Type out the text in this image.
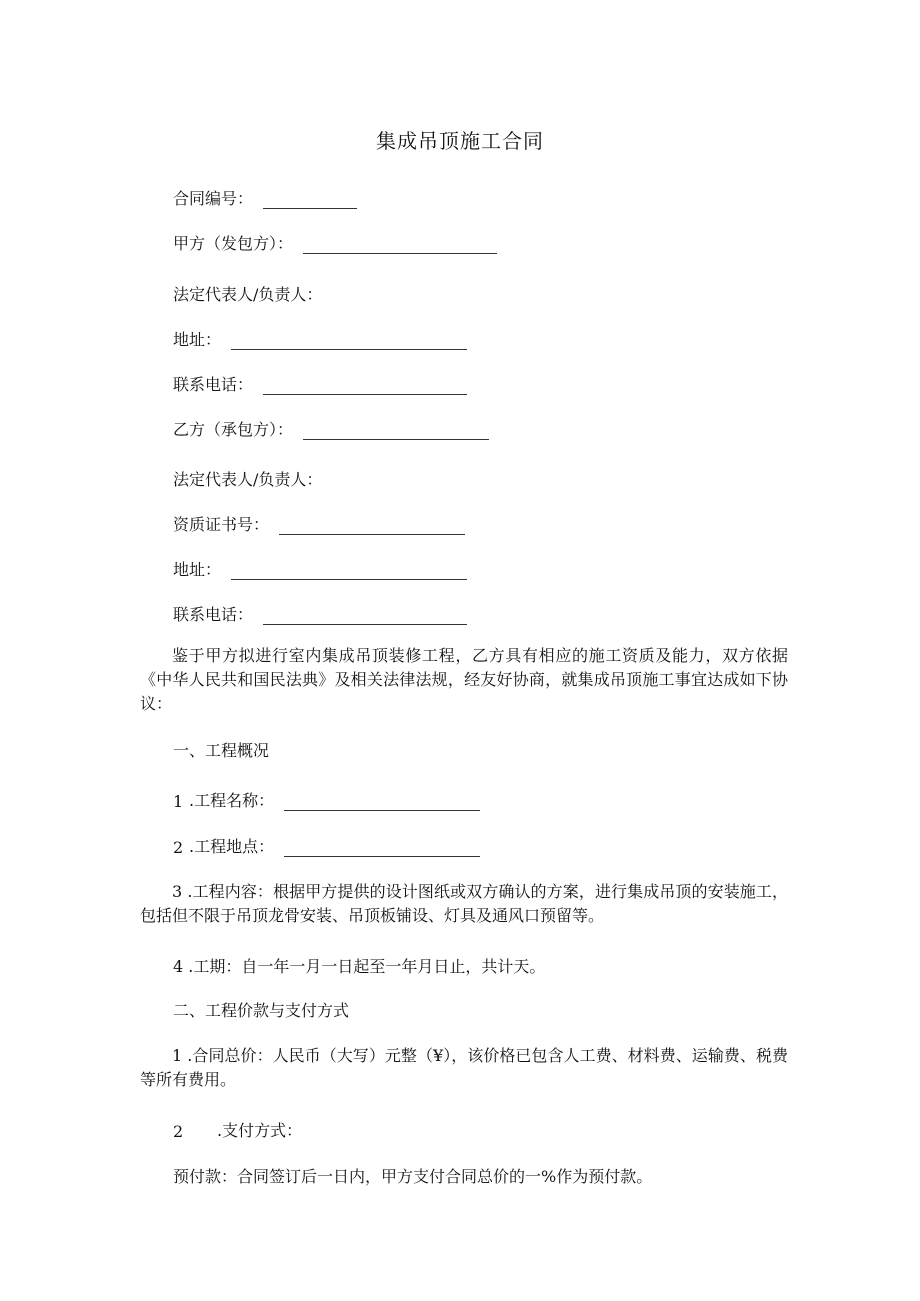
集成吊顶施工合同
合同编号：
甲方（发包方）：
法定代表人/负责人：
地址：
联系电话：
乙方（承包方）：
法定代表人/负责人：
资质证书号：
地址：
联系电话：
鉴于甲方拟进行室内集成吊顶装修工程，乙方具有相应的施工资质及能力，双方依据《中华人民共和国民法典》及相关法律法规，经友好协商，就集成吊顶施工事宜达成如下协议：
一、工程概况
1 .工程名称：
2 .工程地点：
3 .工程内容：根据甲方提供的设计图纸或双方确认的方案，进行集成吊顶的安装施工，包括但不限于吊顶龙骨安装、吊顶板铺设、灯具及通风口预留等。
4 .工期：自一年一月一日起至一年月日止，共计天。
二、工程价款与支付方式
1 .合同总价：人民币（大写）元整（¥），该价格已包含人工费、材料费、运输费、税费等所有费用。
2	.支付方式：
预付款：合同签订后一日内，甲方支付合同总价的一%作为预付款。
